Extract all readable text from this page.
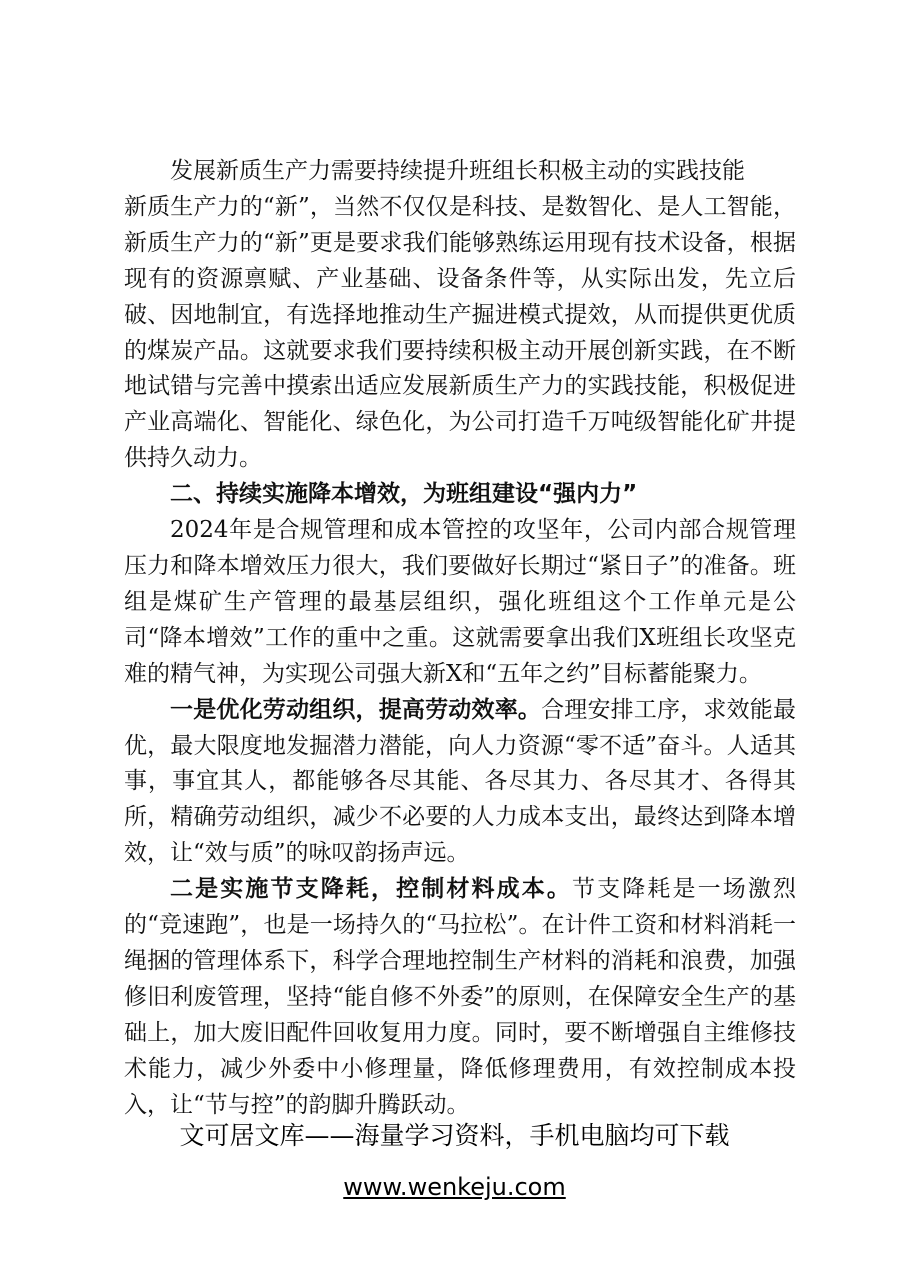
发展新质生产力需要持续提升班组长积极主动的实践技能

新质生产力的“新”，当然不仅仅是科技、是数智化、是人工智能，新质生产力的“新”更是要求我们能够熟练运用现有技术设备，根据现有的资源禀赋、产业基础、设备条件等，从实际出发，先立后破、因地制宜，有选择地推动生产掘进模式提效，从而提供更优质的煤炭产品。这就要求我们要持续积极主动开展创新实践，在不断地试错与完善中摸索出适应发展新质生产力的实践技能，积极促进产业高端化、智能化、绿色化，为公司打造千万吨级智能化矿井提供持久动力。

二、持续实施降本增效，为班组建设“强内力”

2024年是合规管理和成本管控的攻坚年，公司内部合规管理压力和降本增效压力很大，我们要做好长期过“紧日子”的准备。班组是煤矿生产管理的最基层组织，强化班组这个工作单元是公司“降本增效”工作的重中之重。这就需要拿出我们X班组长攻坚克难的精气神，为实现公司强大新X和“五年之约”目标蓄能聚力。

一是优化劳动组织，提高劳动效率。合理安排工序，求效能最优，最大限度地发掘潜力潜能，向人力资源“零不适”奋斗。人适其事，事宜其人，都能够各尽其能、各尽其力、各尽其才、各得其所，精确劳动组织，减少不必要的人力成本支出，最终达到降本增效，让“效与质”的咏叹韵扬声远。

二是实施节支降耗，控制材料成本。节支降耗是一场激烈的“竞速跑”，也是一场持久的“马拉松”。在计件工资和材料消耗一绳捆的管理体系下，科学合理地控制生产材料的消耗和浪费，加强修旧利废管理，坚持“能自修不外委”的原则，在保障安全生产的基础上，加大废旧配件回收复用力度。同时，要不断增强自主维修技术能力，减少外委中小修理量，降低修理费用，有效控制成本投入，让“节与控”的韵脚升腾跃动。

文可居文库——海量学习资料，手机电脑均可下载
www.wenkeju.com
